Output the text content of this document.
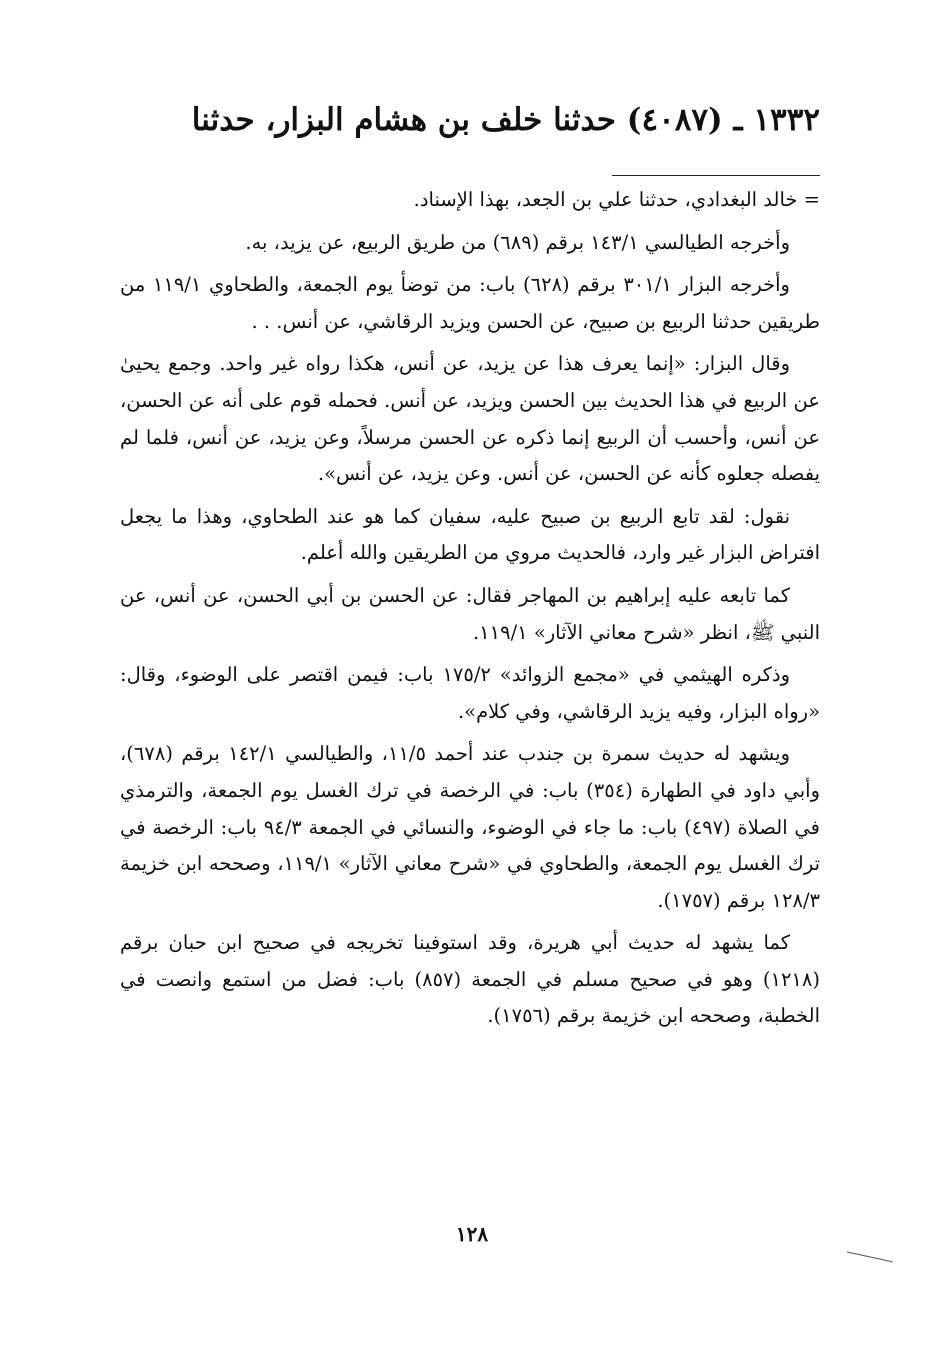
١٣٣٢ ـ (٤٠٨٧) حدثنا خلف بن هشام البزار، حدثنا

= خالد البغدادي، حدثنا علي بن الجعد، بهذا الإسناد.

وأخرجه الطيالسي ١٤٣/١ برقم (٦٨٩) من طريق الربيع، عن يزيد، به.

وأخرجه البزار ٣٠١/١ برقم (٦٢٨) باب: من توضأ يوم الجمعة، والطحاوي ١١٩/١ من طريقين حدثنا الربيع بن صبيح، عن الحسن ويزيد الرقاشي، عن أنس. . .

وقال البزار: «إنما يعرف هذا عن يزيد، عن أنس، هكذا رواه غير واحد. وجمع يحيىٰ عن الربيع في هذا الحديث بين الحسن ويزيد، عن أنس. فحمله قوم على أنه عن الحسن، عن أنس، وأحسب أن الربيع إنما ذكره عن الحسن مرسلاً، وعن يزيد، عن أنس، فلما لم يفصله جعلوه كأنه عن الحسن، عن أنس. وعن يزيد، عن أنس».

نقول: لقد تابع الربيع بن صبيح عليه، سفيان كما هو عند الطحاوي، وهذا ما يجعل افتراض البزار غير وارد، فالحديث مروي من الطريقين والله أعلم.

كما تابعه عليه إبراهيم بن المهاجر فقال: عن الحسن بن أبي الحسن، عن أنس، عن النبي ﷺ، انظر «شرح معاني الآثار» ١١٩/١.

وذكره الهيثمي في «مجمع الزوائد» ١٧٥/٢ باب: فيمن اقتصر على الوضوء، وقال: «رواه البزار، وفيه يزيد الرقاشي، وفي كلام».

ويشهد له حديث سمرة بن جندب عند أحمد ١١/٥، والطيالسي ١٤٢/١ برقم (٦٧٨)، وأبي داود في الطهارة (٣٥٤) باب: في الرخصة في ترك الغسل يوم الجمعة، والترمذي في الصلاة (٤٩٧) باب: ما جاء في الوضوء، والنسائي في الجمعة ٩٤/٣ باب: الرخصة في ترك الغسل يوم الجمعة، والطحاوي في «شرح معاني الآثار» ١١٩/١، وصححه ابن خزيمة ١٢٨/٣ برقم (١٧٥٧).

كما يشهد له حديث أبي هريرة، وقد استوفينا تخريجه في صحيح ابن حبان برقم (١٢١٨) وهو في صحيح مسلم في الجمعة (٨٥٧) باب: فضل من استمع وانصت في الخطبة، وصححه ابن خزيمة برقم (١٧٥٦).

١٢٨
